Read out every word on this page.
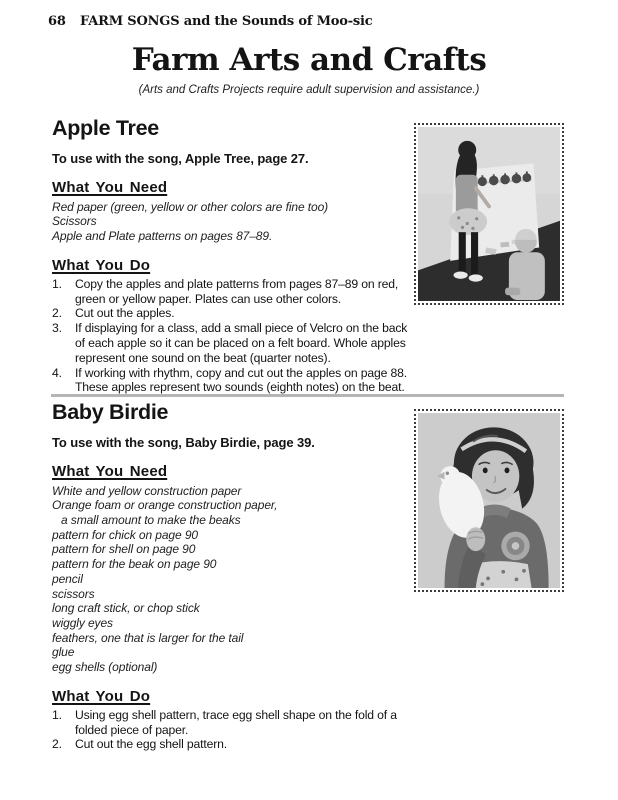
68 FARM SONGS and the Sounds of Moo-sic
Farm Arts and Crafts
(Arts and Crafts Projects require adult supervision and assistance.)
Apple Tree
To use with the song, Apple Tree, page 27.
What You Need
Red paper (green, yellow or other colors are fine too)
Scissors
Apple and Plate patterns on pages 87–89.
What You Do
1.	Copy the apples and plate patterns from pages 87–89 on red, green or yellow paper. Plates can use other colors.
2.	Cut out the apples.
3.	If displaying for a class, add a small piece of Velcro on the back of each apple so it can be placed on a felt board. Whole apples represent one sound on the beat (quarter notes).
4.	If working with rhythm, copy and cut out the apples on page 88. These apples represent two sounds (eighth notes) on the beat.
Baby Birdie
To use with the song, Baby Birdie, page 39.
What You Need
White and yellow construction paper
Orange foam or orange construction paper,
a small amount to make the beaks
pattern for chick on page 90
pattern for shell on page 90
pattern for the beak on page 90
pencil
scissors
long craft stick, or chop stick
wiggly eyes
feathers, one that is larger for the tail
glue
egg shells (optional)
What You Do
1.	Using egg shell pattern, trace egg shell shape on the fold of a folded piece of paper.
2.	Cut out the egg shell pattern.
